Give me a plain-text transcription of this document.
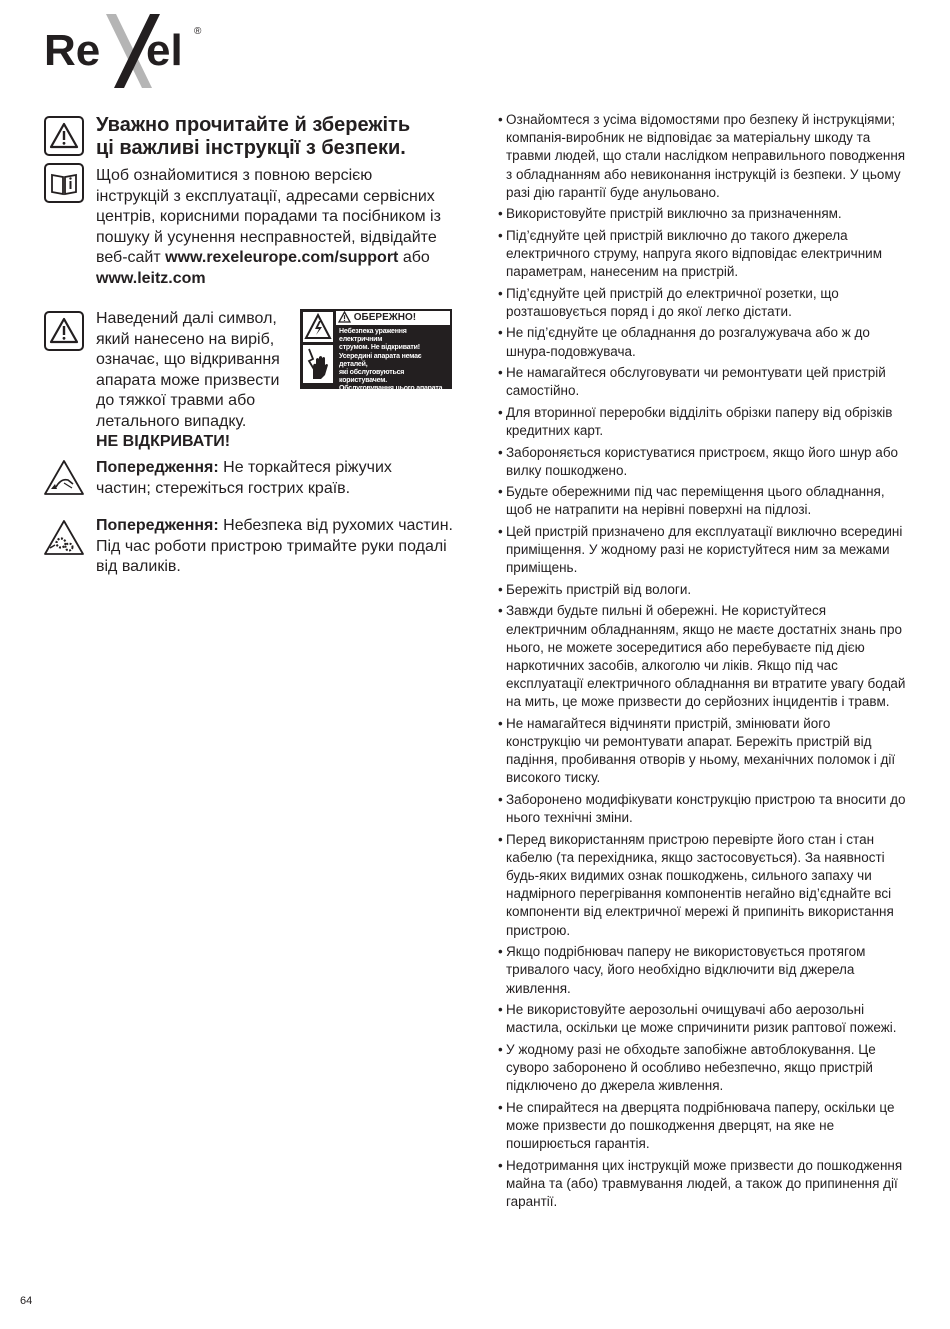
Re el ®
Уважно прочитайте й збережіть
ці важливі інструкції з безпеки.
Щоб ознайомитися з повною версією
інструкцій з експлуатації, адресами сервісних
центрів, корисними порадами та посібником із
пошуку й усунення несправностей, відвідайте
веб-сайт www.rexeleurope.com/support або
www.leitz.com
Наведений далі символ,
який нанесено на виріб,
означає, що відкривання
апарата може призвести
до тяжкої травми або
летального випадку.
НЕ ВІДКРИВАТИ!
ОБЕРЕЖНО!
Небезпека ураження електричним
струмом. Не відкривати!
Усередині апарата немає деталей,
які обслуговуються користувачем.
Обслуговування цього апарата
має здійснювати кваліфікований
персонал.
Попередження: Не торкайтеся ріжучих
частин; стережіться гострих країв.
Попередження: Небезпека від рухомих частин.
Під час роботи пристрою тримайте руки подалі
від валиків.
• Ознайомтеся з усіма відомостями про безпеку й інструкціями; компанія-виробник не відповідає за матеріальну шкоду та травми людей, що стали наслідком неправильного поводження з обладнанням або невиконання інструкцій із безпеки. У цьому разі дію гарантії буде анульовано.
• Використовуйте пристрій виключно за призначенням.
• Під’єднуйте цей пристрій виключно до такого джерела електричного струму, напруга якого відповідає електричним параметрам, нанесеним на пристрій.
• Під’єднуйте цей пристрій до електричної розетки, що розташовується поряд і до якої легко дістати.
• Не під’єднуйте це обладнання до розгалужувача або ж до шнура-подовжувача.
• Не намагайтеся обслуговувати чи ремонтувати цей пристрій самостійно.
• Для вторинної переробки відділіть обрізки паперу від обрізків кредитних карт.
• Забороняється користуватися пристроєм, якщо його шнур або вилку пошкоджено.
• Будьте обережними під час переміщення цього обладнання, щоб не натрапити на нерівні поверхні на підлозі.
• Цей пристрій призначено для експлуатації виключно всередині приміщення. У жодному разі не користуйтеся ним за межами приміщень.
• Бережіть пристрій від вологи.
• Завжди будьте пильні й обережні. Не користуйтеся електричним обладнанням, якщо не маєте достатніх знань про нього, не можете зосередитися або перебуваєте під дією наркотичних засобів, алкоголю чи ліків. Якщо під час експлуатації електричного обладнання ви втратите увагу бодай на мить, це може призвести до серйозних інцидентів і травм.
• Не намагайтеся відчиняти пристрій, змінювати його конструкцію чи ремонтувати апарат. Бережіть пристрій від падіння, пробивання отворів у ньому, механічних поломок і дії високого тиску.
• Заборонено модифікувати конструкцію пристрою та вносити до нього технічні зміни.
• Перед використанням пристрою перевірте його стан і стан кабелю (та перехідника, якщо застосовується). За наявності будь-яких видимих ознак пошкоджень, сильного запаху чи надмірного перегрівання компонентів негайно від’єднайте всі компоненти від електричної мережі й припиніть використання пристрою.
• Якщо подрібнювач паперу не використовується протягом тривалого часу, його необхідно відключити від джерела живлення.
• Не використовуйте аерозольні очищувачі або аерозольні мастила, оскільки це може спричинити ризик раптової пожежі.
• У жодному разі не обходьте запобіжне автоблокування. Це суворо заборонено й особливо небезпечно, якщо пристрій підключено до джерела живлення.
• Не спирайтеся на дверцята подрібнювача паперу, оскільки це може призвести до пошкодження дверцят, на яке не поширюється гарантія.
• Недотримання цих інструкцій може призвести до пошкодження майна та (або) травмування людей, а також до припинення дії гарантії.
64
